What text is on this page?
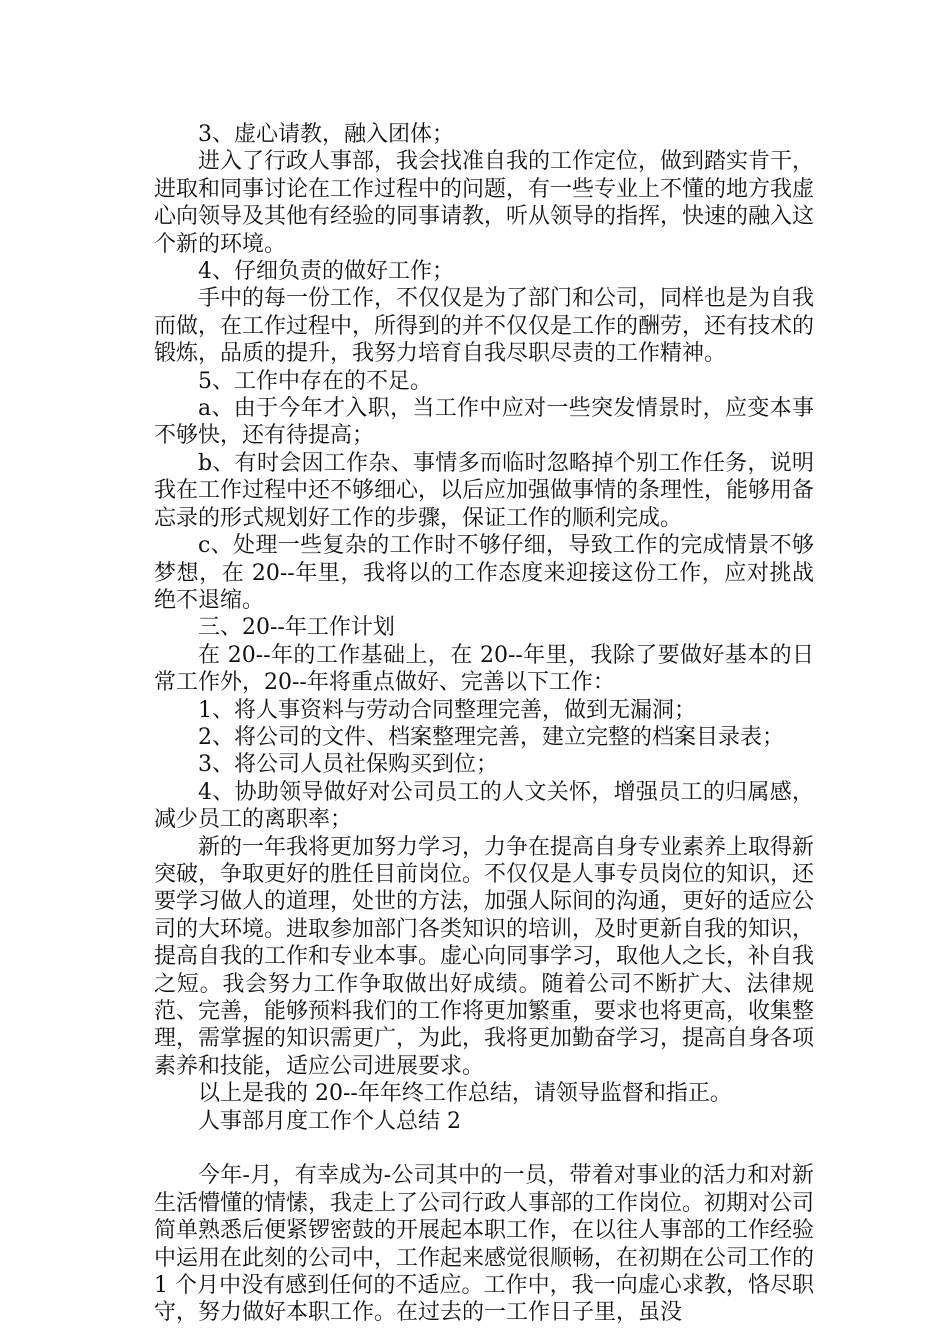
3、虚心请教，融入团体；

进入了行政人事部，我会找准自我的工作定位，做到踏实肯干，进取和同事讨论在工作过程中的问题，有一些专业上不懂的地方我虚心向领导及其他有经验的同事请教，听从领导的指挥，快速的融入这个新的环境。

4、仔细负责的做好工作；

手中的每一份工作，不仅仅是为了部门和公司，同样也是为自我而做，在工作过程中，所得到的并不仅仅是工作的酬劳，还有技术的锻炼，品质的提升，我努力培育自我尽职尽责的工作精神。

5、工作中存在的不足。

a、由于今年才入职，当工作中应对一些突发情景时，应变本事不够快，还有待提高；

b、有时会因工作杂、事情多而临时忽略掉个别工作任务，说明我在工作过程中还不够细心，以后应加强做事情的条理性，能够用备忘录的形式规划好工作的步骤，保证工作的顺利完成。

c、处理一些复杂的工作时不够仔细，导致工作的完成情景不够梦想，在 20--年里，我将以的工作态度来迎接这份工作，应对挑战绝不退缩。

三、20--年工作计划

在 20--年的工作基础上，在 20--年里，我除了要做好基本的日常工作外，20--年将重点做好、完善以下工作：

1、将人事资料与劳动合同整理完善，做到无漏洞；

2、将公司的文件、档案整理完善，建立完整的档案目录表；

3、将公司人员社保购买到位；

4、协助领导做好对公司员工的人文关怀，增强员工的归属感，减少员工的离职率；

新的一年我将更加努力学习，力争在提高自身专业素养上取得新突破，争取更好的胜任目前岗位。不仅仅是人事专员岗位的知识，还要学习做人的道理，处世的方法，加强人际间的沟通，更好的适应公司的大环境。进取参加部门各类知识的培训，及时更新自我的知识，提高自我的工作和专业本事。虚心向同事学习，取他人之长，补自我之短。我会努力工作争取做出好成绩。随着公司不断扩大、法律规范、完善，能够预料我们的工作将更加繁重，要求也将更高，收集整理，需掌握的知识需更广，为此，我将更加勤奋学习，提高自身各项素养和技能，适应公司进展要求。

以上是我的 20--年年终工作总结，请领导监督和指正。

人事部月度工作个人总结 2

今年-月，有幸成为-公司其中的一员，带着对事业的活力和对新生活懵懂的情愫，我走上了公司行政人事部的工作岗位。初期对公司简单熟悉后便紧锣密鼓的开展起本职工作，在以往人事部的工作经验中运用在此刻的公司中，工作起来感觉很顺畅，在初期在公司工作的 1 个月中没有感到任何的不适应。工作中，我一向虚心求教，恪尽职守，努力做好本职工作。在过去的一工作日子里，虽没
